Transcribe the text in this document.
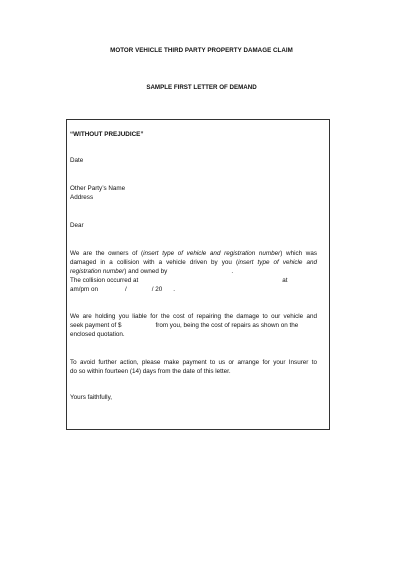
MOTOR VEHICLE THIRD PARTY PROPERTY DAMAGE CLAIM
SAMPLE FIRST LETTER OF DEMAND
“WITHOUT PREJUDICE”
Date
Other Party’s Name
Address
Dear
We are the owners of (insert type of vehicle and registration number) which was
damaged in a collision with a vehicle driven by you (insert type of vehicle and
registration number) and owned by	.
The collision occurred at	at
am/pm on	/	/ 20 .
We are holding you liable for the cost of repairing the damage to our vehicle and
seek payment of $	from you, being the cost of repairs as shown on the
enclosed quotation.
To avoid further action, please make payment to us or arrange for your Insurer to
do so within fourteen (14) days from the date of this letter.
Yours faithfully,
